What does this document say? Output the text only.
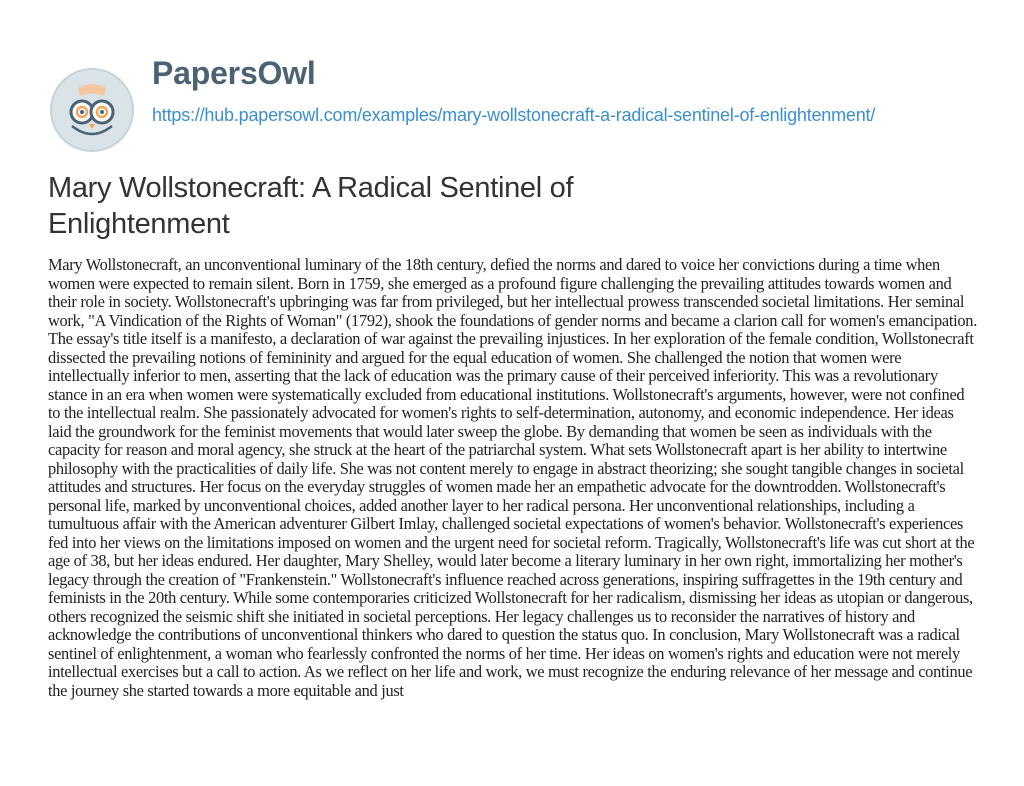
PapersOwl
https://hub.papersowl.com/examples/mary-wollstonecraft-a-radical-sentinel-of-enlightenment/
Mary Wollstonecraft: A Radical Sentinel of Enlightenment

Mary Wollstonecraft, an unconventional luminary of the 18th century, defied the norms and dared to voice her convictions during a time when women were expected to remain silent. Born in 1759, she emerged as a profound figure challenging the prevailing attitudes towards women and their role in society. Wollstonecraft's upbringing was far from privileged, but her intellectual prowess transcended societal limitations. Her seminal work, "A Vindication of the Rights of Woman" (1792), shook the foundations of gender norms and became a clarion call for women's emancipation. The essay's title itself is a manifesto, a declaration of war against the prevailing injustices. In her exploration of the female condition, Wollstonecraft dissected the prevailing notions of femininity and argued for the equal education of women. She challenged the notion that women were intellectually inferior to men, asserting that the lack of education was the primary cause of their perceived inferiority. This was a revolutionary stance in an era when women were systematically excluded from educational institutions. Wollstonecraft's arguments, however, were not confined to the intellectual realm. She passionately advocated for women's rights to self-determination, autonomy, and economic independence. Her ideas laid the groundwork for the feminist movements that would later sweep the globe. By demanding that women be seen as individuals with the capacity for reason and moral agency, she struck at the heart of the patriarchal system. What sets Wollstonecraft apart is her ability to intertwine philosophy with the practicalities of daily life. She was not content merely to engage in abstract theorizing; she sought tangible changes in societal attitudes and structures. Her focus on the everyday struggles of women made her an empathetic advocate for the downtrodden. Wollstonecraft's personal life, marked by unconventional choices, added another layer to her radical persona. Her unconventional relationships, including a tumultuous affair with the American adventurer Gilbert Imlay, challenged societal expectations of women's behavior. Wollstonecraft's experiences fed into her views on the limitations imposed on women and the urgent need for societal reform. Tragically, Wollstonecraft's life was cut short at the age of 38, but her ideas endured. Her daughter, Mary Shelley, would later become a literary luminary in her own right, immortalizing her mother's legacy through the creation of "Frankenstein." Wollstonecraft's influence reached across generations, inspiring suffragettes in the 19th century and feminists in the 20th century. While some contemporaries criticized Wollstonecraft for her radicalism, dismissing her ideas as utopian or dangerous, others recognized the seismic shift she initiated in societal perceptions. Her legacy challenges us to reconsider the narratives of history and acknowledge the contributions of unconventional thinkers who dared to question the status quo. In conclusion, Mary Wollstonecraft was a radical sentinel of enlightenment, a woman who fearlessly confronted the norms of her time. Her ideas on women's rights and education were not merely intellectual exercises but a call to action. As we reflect on her life and work, we must recognize the enduring relevance of her message and continue the journey she started towards a more equitable and just
